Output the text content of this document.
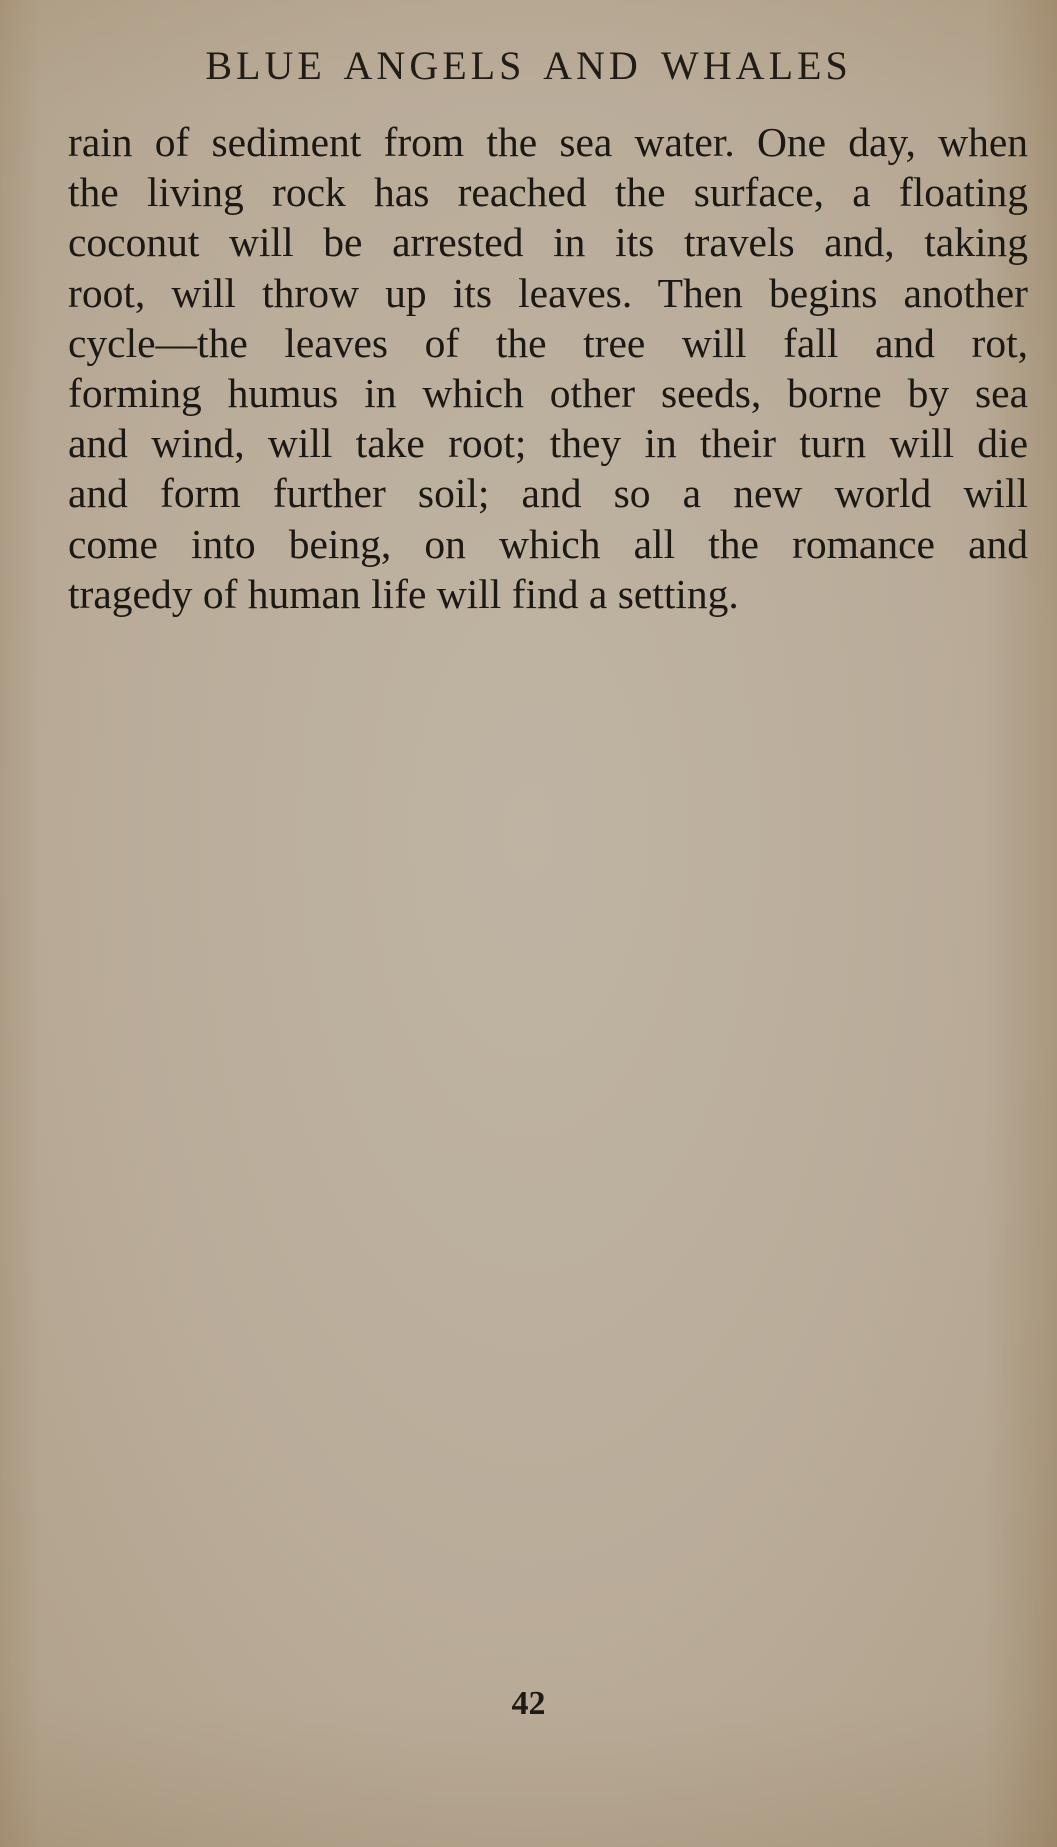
BLUE ANGELS AND WHALES
rain of sediment from the sea water. One day, when
the living rock has reached the surface, a floating
coconut will be arrested in its travels and, taking
root, will throw up its leaves. Then begins another
cycle—the leaves of the tree will fall and rot,
forming humus in which other seeds, borne by sea
and wind, will take root; they in their turn will die
and form further soil; and so a new world will
come into being, on which all the romance and
tragedy of human life will find a setting.
42
